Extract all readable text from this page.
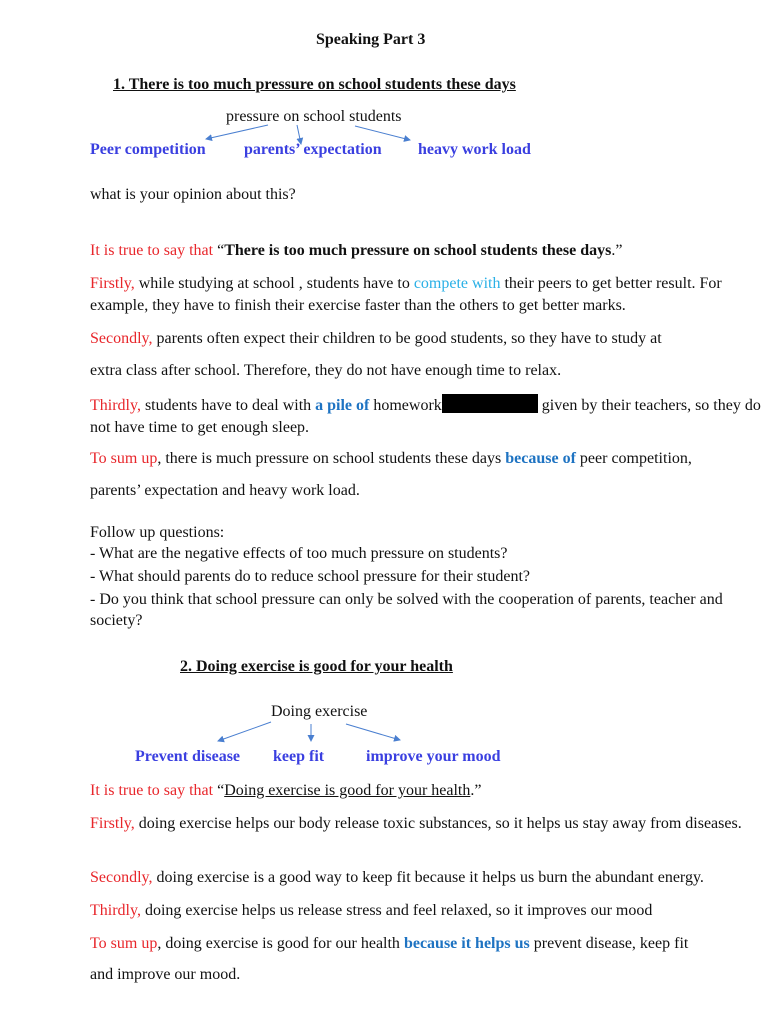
Speaking Part 3
1. There is too much pressure on school students these days
pressure on school students
Peer competition parents’ expectation heavy work load
what is your opinion about this?
It is true to say that “There is too much pressure on school students these days.”
Firstly, while studying at school , students have to compete with their peers to get better result. For example, they have to finish their exercise faster than the others to get better marks.
Secondly, parents often expect their children to be good students, so they have to study at
extra class after school. Therefore, they do not have enough time to relax.
Thirdly, students have to deal with a pile of homework	given by their teachers, so they do not have time to get enough sleep.
To sum up, there is much pressure on school students these days because of peer competition,
parents’ expectation and heavy work load.
Follow up questions:
- What are the negative effects of too much pressure on students?
- What should parents do to reduce school pressure for their student?
- Do you think that school pressure can only be solved with the cooperation of parents, teacher and society?
2. Doing exercise is good for your health
Doing exercise
Prevent disease keep fit	improve your mood
It is true to say that “Doing exercise is good for your health.”
Firstly, doing exercise helps our body release toxic substances, so it helps us stay away from diseases.
Secondly, doing exercise is a good way to keep fit because it helps us burn the abundant energy.
Thirdly, doing exercise helps us release stress and feel relaxed, so it improves our mood
To sum up, doing exercise is good for our health because it helps us prevent disease, keep fit
and improve our mood.
